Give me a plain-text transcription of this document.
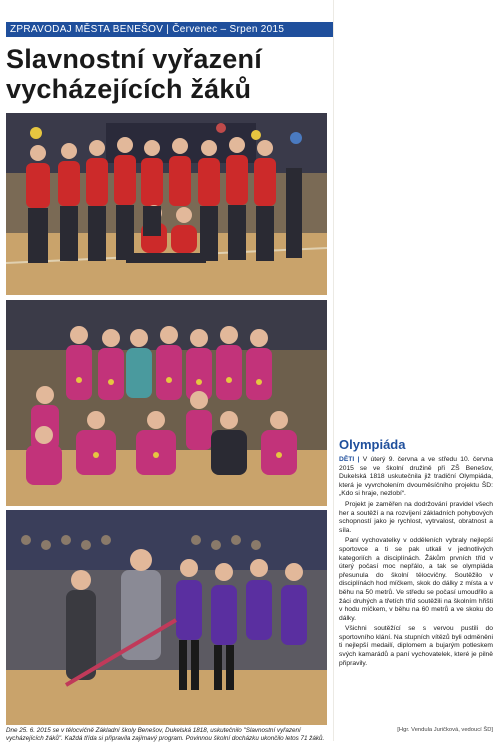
ZPRAVODAJ MĚSTA BENEŠOV | Červenec – Srpen 2015
Slavnostní vyřazení
vycházejících žáků
Dne 25. 6. 2015 se v tělocvičně Základní školy Benešov, Dukelská 1818, uskutečnilo "Slavnostní vyřazení vycházejících žáků". Každá třída si připravila zajímavý program. Povinnou školní docházku ukončilo letos 71 žáků.
Olympiáda

DĚTI | V úterý 9. června a ve středu 10. června 2015 se ve školní družině při ZŠ Benešov, Dukelská 1818 uskutečnila již tradiční Olympiáda, která je vyvrcholením dvouměsíčního projektu ŠD: „Kdo si hraje, nezlobí“.

Projekt je zaměřen na dodržování pravidel všech her a soutěží a na rozvíjení základních pohybových schopností jako je rychlost, vytrvalost, obratnost a síla.

Paní vychovatelky v odděleních vybraly nejlepší sportovce a ti se pak utkali v jednotlivých kategoriích a disciplínách. Žákům prvních tříd v úterý počasí moc nepřálo, a tak se olympiáda přesunula do školní tělocvičny. Soutěžilo v disciplínách hod míčkem, skok do dálky z místa a v běhu na 50 metrů. Ve středu se počasí umoudřilo a žáci druhých a třetích tříd soutěžili na školním hřišti v hodu míčkem, v běhu na 60 metrů a ve skoku do dálky.

Všichni soutěžící se s vervou pustili do sportovního klání. Na stupních vítězů byli odměněni ti nejlepší medailí, diplomem a bujarým potleskem svých kamarádů a paní vychovatelek, které je pilně připravily.

[Hgr. Vendula Juričková, vedoucí ŠD]
